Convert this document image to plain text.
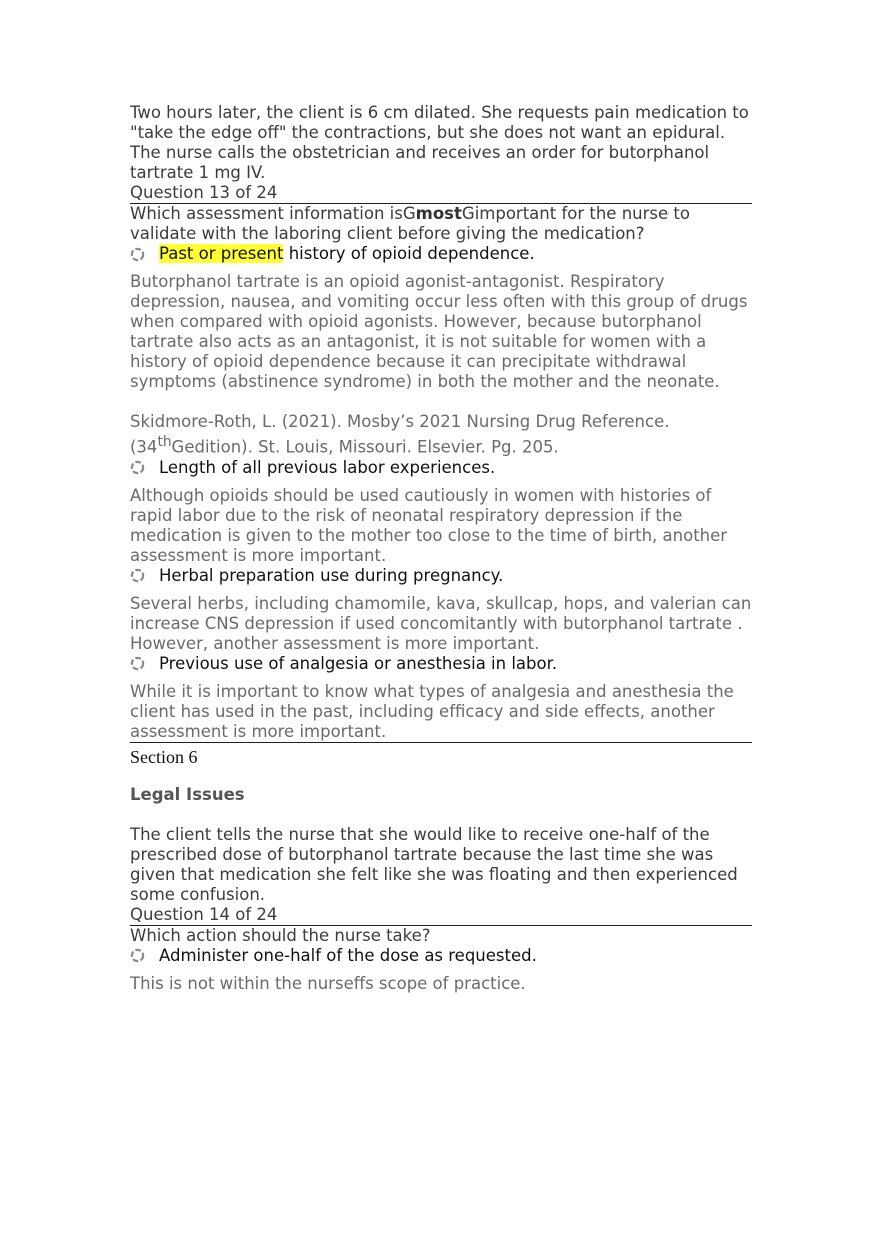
Two hours later, the client is 6 cm dilated. She requests pain medication to "take the edge off" the contractions, but she does not want an epidural. The nurse calls the obstetrician and receives an order for butorphanol tartrate 1 mg IV.

Question 13 of 24

Which assessment information isGmostGimportant for the nurse to validate with the laboring client before giving the medication?

Past or present history of opioid dependence.

Butorphanol tartrate is an opioid agonist-antagonist. Respiratory depression, nausea, and vomiting occur less often with this group of drugs when compared with opioid agonists. However, because butorphanol tartrate also acts as an antagonist, it is not suitable for women with a history of opioid dependence because it can precipitate withdrawal symptoms (abstinence syndrome) in both the mother and the neonate.

Skidmore-Roth, L. (2021). Mosby’s 2021 Nursing Drug Reference.

(34thGedition). St. Louis, Missouri. Elsevier. Pg. 205.

Length of all previous labor experiences.

Although opioids should be used cautiously in women with histories of rapid labor due to the risk of neonatal respiratory depression if the medication is given to the mother too close to the time of birth, another assessment is more important.

Herbal preparation use during pregnancy.

Several herbs, including chamomile, kava, skullcap, hops, and valerian can increase CNS depression if used concomitantly with butorphanol tartrate . However, another assessment is more important.

Previous use of analgesia or anesthesia in labor.

While it is important to know what types of analgesia and anesthesia the client has used in the past, including efﬁcacy and side effects, another assessment is more important.

Section 6

Legal Issues

The client tells the nurse that she would like to receive one-half of the prescribed dose of butorphanol tartrate because the last time she was given that medication she felt like she was floating and then experienced some confusion.

Question 14 of 24

Which action should the nurse take?

Administer one-half of the dose as requested.

This is not within the nurseffs scope of practice.
